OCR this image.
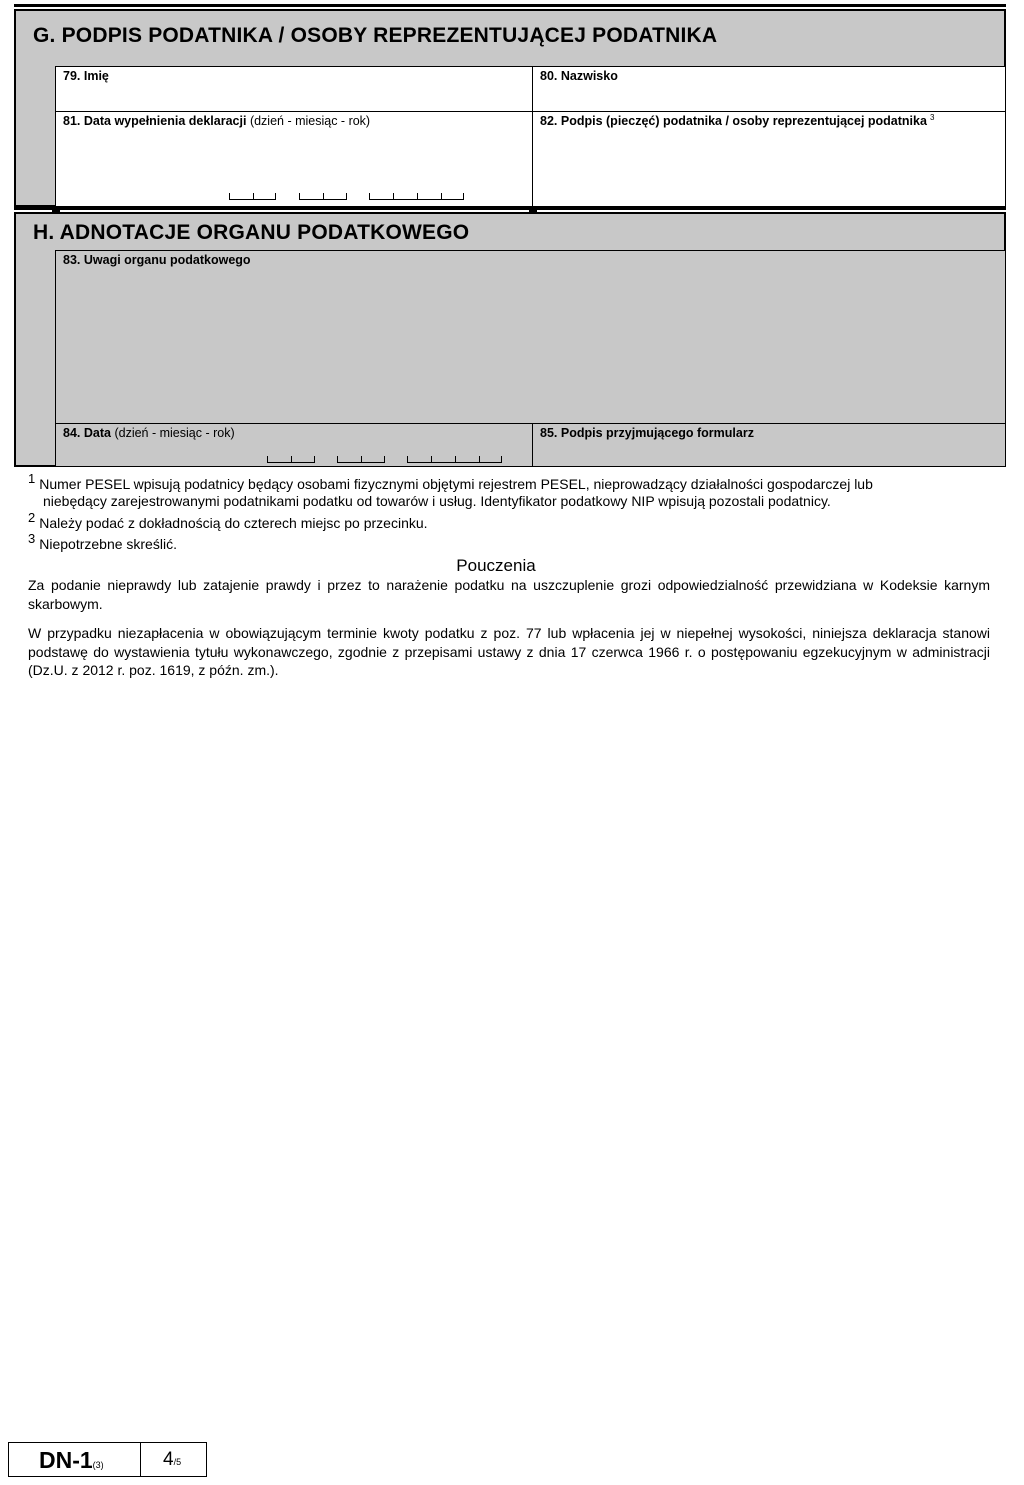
G. PODPIS PODATNIKA / OSOBY REPREZENTUJĄCEJ PODATNIKA
79. Imię	80. Nazwisko
81. Data wypełnienia deklaracji (dzień - miesiąc - rok)	82. Podpis (pieczęć) podatnika / osoby reprezentującej podatnika $^3$
H. ADNOTACJE ORGANU PODATKOWEGO
83. Uwagi organu podatkowego
84. Data (dzień - miesiąc - rok)	85. Podpis przyjmującego formularz
$^1$ Numer PESEL wpisują podatnicy będący osobami fizycznymi objętymi rejestrem PESEL, nieprowadzący działalności gospodarczej lub
niebędący zarejestrowanymi podatnikami podatku od towarów i usług. Identyfikator podatkowy NIP wpisują pozostali podatnicy.
$^2$ Należy podać z dokładnością do czterech miejsc po przecinku.
$^3$ Niepotrzebne skreślić.
Pouczenia
Za podanie nieprawdy lub zatajenie prawdy i przez to narażenie podatku na uszczuplenie grozi odpowiedzialność przewidziana w Kodeksie karnym skarbowym.
W przypadku niezapłacenia w obowiązującym terminie kwoty podatku z poz. 77 lub wpłacenia jej w niepełnej wysokości, niniejsza deklaracja stanowi podstawę do wystawienia tytułu wykonawczego, zgodnie z przepisami ustawy z dnia 17 czerwca 1966 r. o postępowaniu egzekucyjnym w administracji (Dz.U. z 2012 r. poz. 1619, z późn. zm.).
DN-1(3)	4/5
